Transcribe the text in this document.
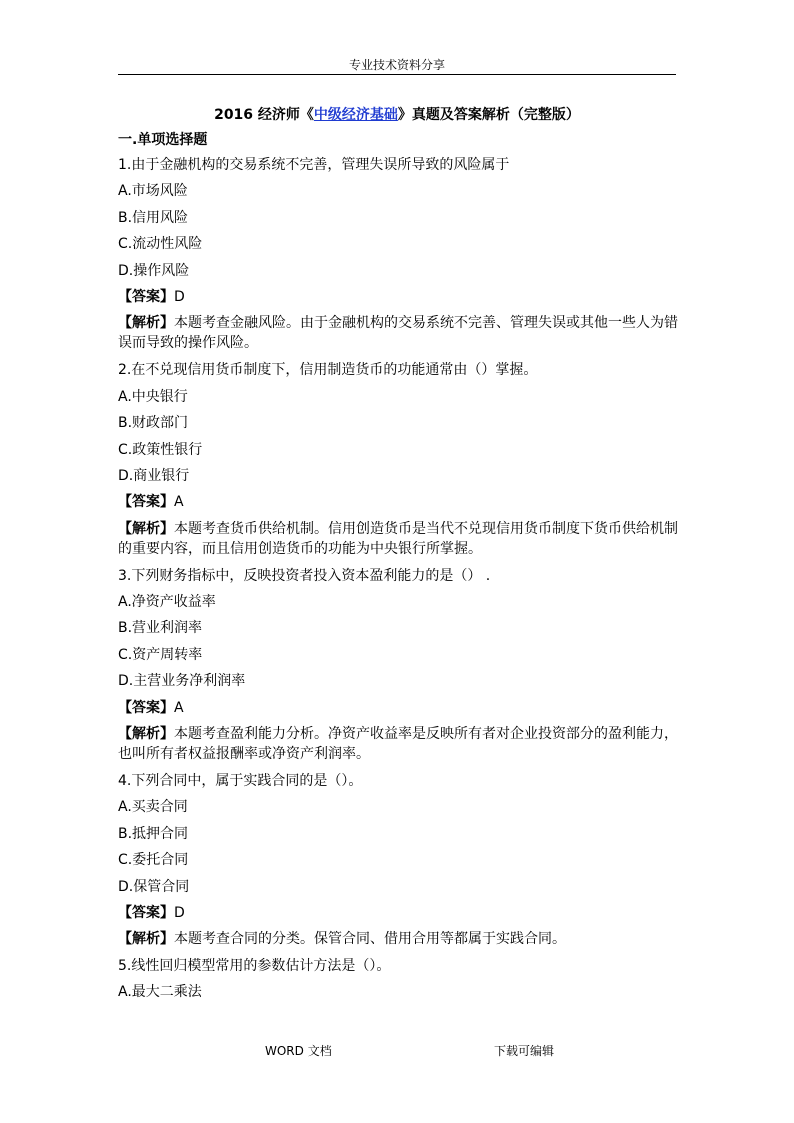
专业技术资料分享
2016 经济师《中级经济基础》真题及答案解析（完整版）
一.单项选择题
1.由于金融机构的交易系统不完善，管理失误所导致的风险属于
A.市场风险
B.信用风险
C.流动性风险
D.操作风险
【答案】D
【解析】本题考查金融风险。由于金融机构的交易系统不完善、管理失误或其他一些人为错误而导致的操作风险。
2.在不兑现信用货币制度下，信用制造货币的功能通常由（）掌握。
A.中央银行
B.财政部门
C.政策性银行
D.商业银行
【答案】A
【解析】本题考查货币供给机制。信用创造货币是当代不兑现信用货币制度下货币供给机制的重要内容，而且信用创造货币的功能为中央银行所掌握。
3.下列财务指标中，反映投资者投入资本盈利能力的是（） .
A.净资产收益率
B.营业利润率
C.资产周转率
D.主营业务净利润率
【答案】A
【解析】本题考查盈利能力分析。净资产收益率是反映所有者对企业投资部分的盈利能力，也叫所有者权益报酬率或净资产利润率。
4.下列合同中，属于实践合同的是（）。
A.买卖合同
B.抵押合同
C.委托合同
D.保管合同
【答案】D
【解析】本题考查合同的分类。保管合同、借用合用等都属于实践合同。
5.线性回归模型常用的参数估计方法是（）。
A.最大二乘法
WORD 文档	下载可编辑
